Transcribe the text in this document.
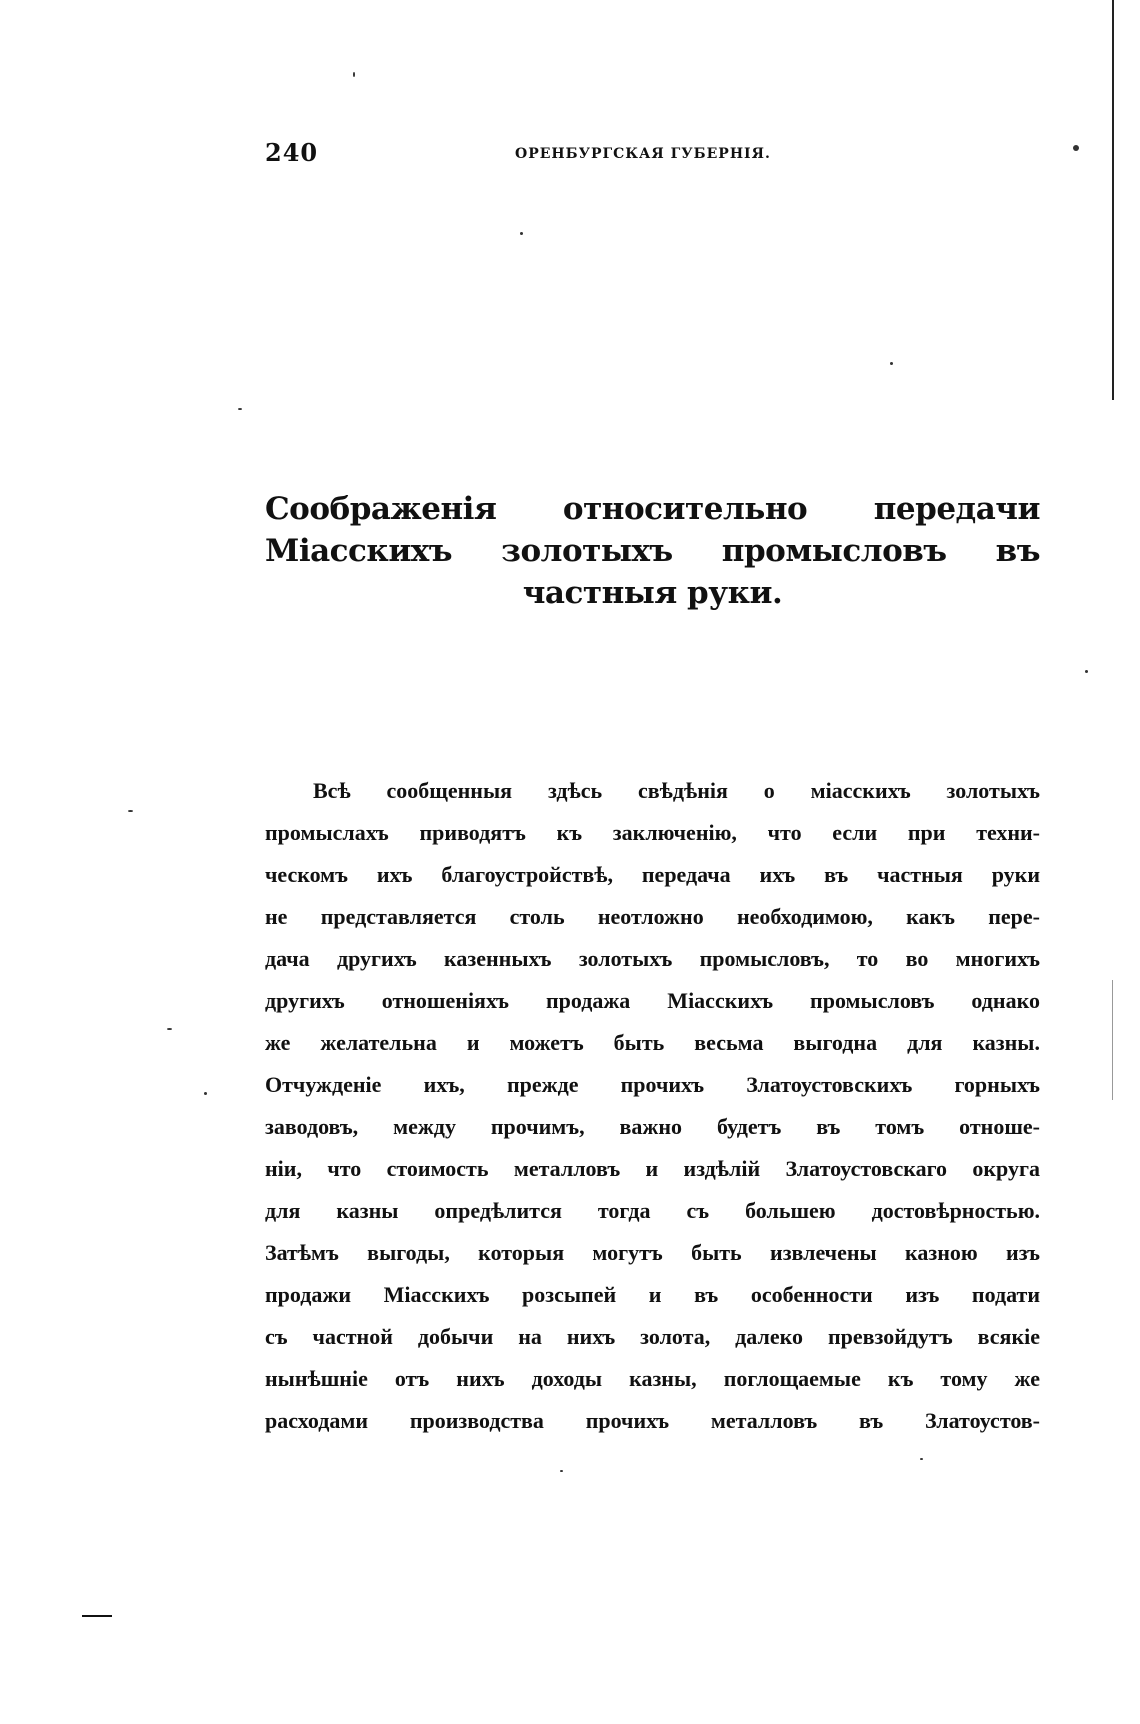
240	ОРЕНБУРГСКАЯ ГУБЕРНІЯ.
Соображенія относительно передачи Міасскихъ золотыхъ промысловъ въ частныя руки.
Всѣ сообщенныя здѣсь свѣдѣнія о міасскихъ золотыхъ
промыслахъ приводятъ къ заключенію, что если при техни-
ческомъ ихъ благоустройствѣ, передача ихъ въ частныя руки
не представляется столь неотложно необходимою, какъ пере-
дача другихъ казенныхъ золотыхъ промысловъ, то во многихъ
другихъ отношеніяхъ продажа Міасскихъ промысловъ однако
же желательна и можетъ быть весьма выгодна для казны.
Отчужденіе ихъ, прежде прочихъ Златоустовскихъ горныхъ
заводовъ, между прочимъ, важно будетъ въ томъ отноше-
ніи, что стоимость металловъ и издѣлій Златоустовскаго округа
для казны опредѣлится тогда съ большею достовѣрностью.
Затѣмъ выгоды, которыя могутъ быть извлечены казною изъ
продажи Міасскихъ розсыпей и въ особенности изъ подати
съ частной добычи на нихъ золота, далеко превзойдутъ всякіе
нынѣшніе отъ нихъ доходы казны, поглощаемые къ тому же
расходами производства прочихъ металловъ въ Златоустов-
